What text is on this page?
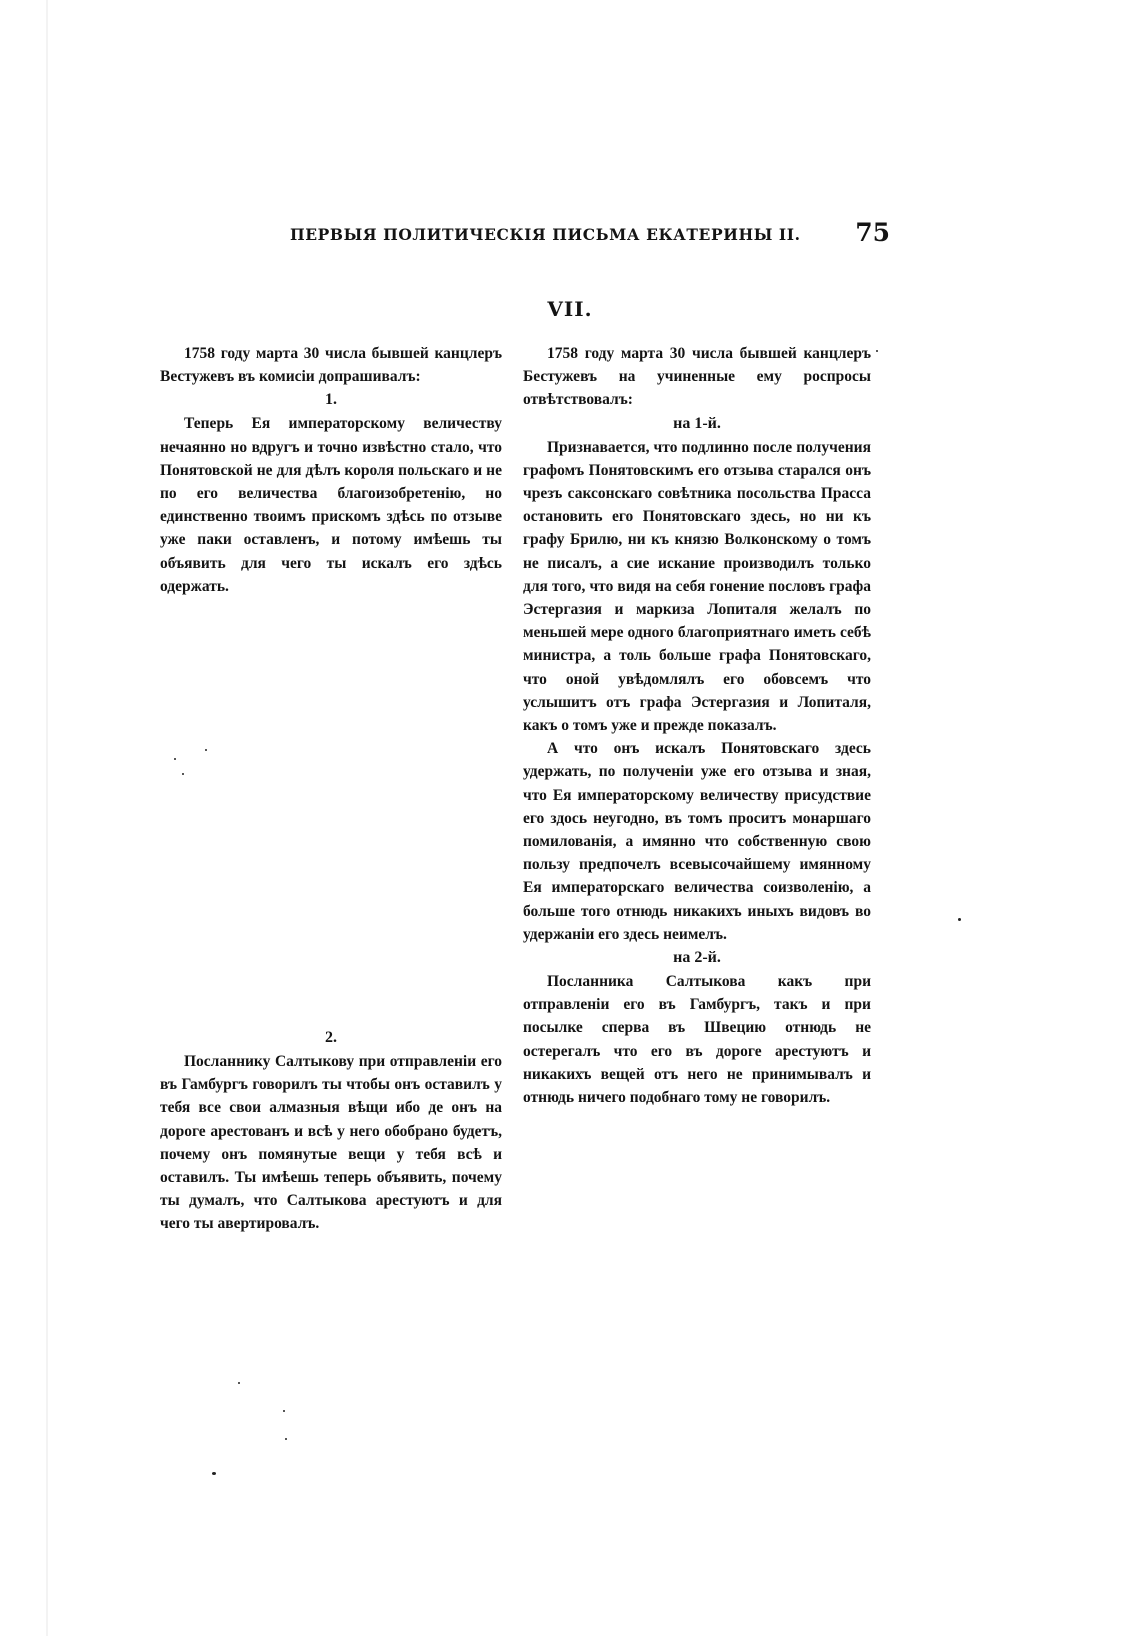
ПЕРВЫЯ ПОЛИТИЧЕСКІЯ ПИСЬМА ЕКАТЕРИНЫ II. 75
VII.

1758 году марта 30 числа бывшей канцлеръ Вестужевъ въ комисіи допрашивалъ:

1.

Теперь Ея императорскому величеству нечаянно но вдругъ и точно извѣстно стало, что Понятовской не для дѣлъ короля польскаго и не по его величества благоизобретенію, но единственно твоимъ прискомъ здѣсь по отзыве уже паки оставленъ, и потому имѣешь ты объявить для чего ты искалъ его здѣсь одержать.

2.

Посланнику Салтыкову при отправленіи его въ Гамбургъ говорилъ ты чтобы онъ оставилъ у тебя все свои алмазныя вѣщи ибо де онъ на дороге арестованъ и всѣ у него обобрано будетъ, почему онъ помянутые вещи у тебя всѣ и оставилъ. Ты имѣешь теперь объявить, почему ты думалъ, что Салтыкова арестуютъ и для чего ты авертировалъ.

1758 году марта 30 числа бывшей канцлеръ Бестужевъ на учиненные ему роспросы отвѣтствовалъ:

на 1-й.

Признавается, что подлинно после получения графомъ Понятовскимъ его отзыва старался онъ чрезъ саксонскаго совѣтника посольства Прасса остановить его Понятовскаго здесь, но ни къ графу Брилю, ни къ князю Волконскому о томъ не писалъ, а сие искание производилъ только для того, что видя на себя гонение пословъ графа Эстергазия и маркиза Лопиталя желалъ по меньшей мере одного благоприятнаго иметь себѣ министра, а толь больше графа Понятовскаго, что оной увѣдомлялъ его обовсемъ что услышитъ отъ графа Эстергазия и Лопиталя, какъ о томъ уже и прежде показалъ.

А что онъ искалъ Понятовскаго здесь удержать, по полученіи уже его отзыва и зная, что Ея императорскому величеству присудствие его здось неугодно, въ томъ проситъ монаршаго помилованія, а имянно что собственную свою пользу предпочелъ всевысочайшему имянному Ея императорскаго величества соизволенію, а больше того отнюдь никакихъ иныхъ видовъ во удержаніи его здесь неимелъ.

на 2-й.

Посланника Салтыкова какъ при отправленіи его въ Гамбургъ, такъ и при посылке сперва въ Швецию отнюдь не остерегалъ что его въ дороге арестуютъ и никакихъ вещей отъ него не принимывалъ и отнюдь ничего подобнаго тому не говорилъ.
